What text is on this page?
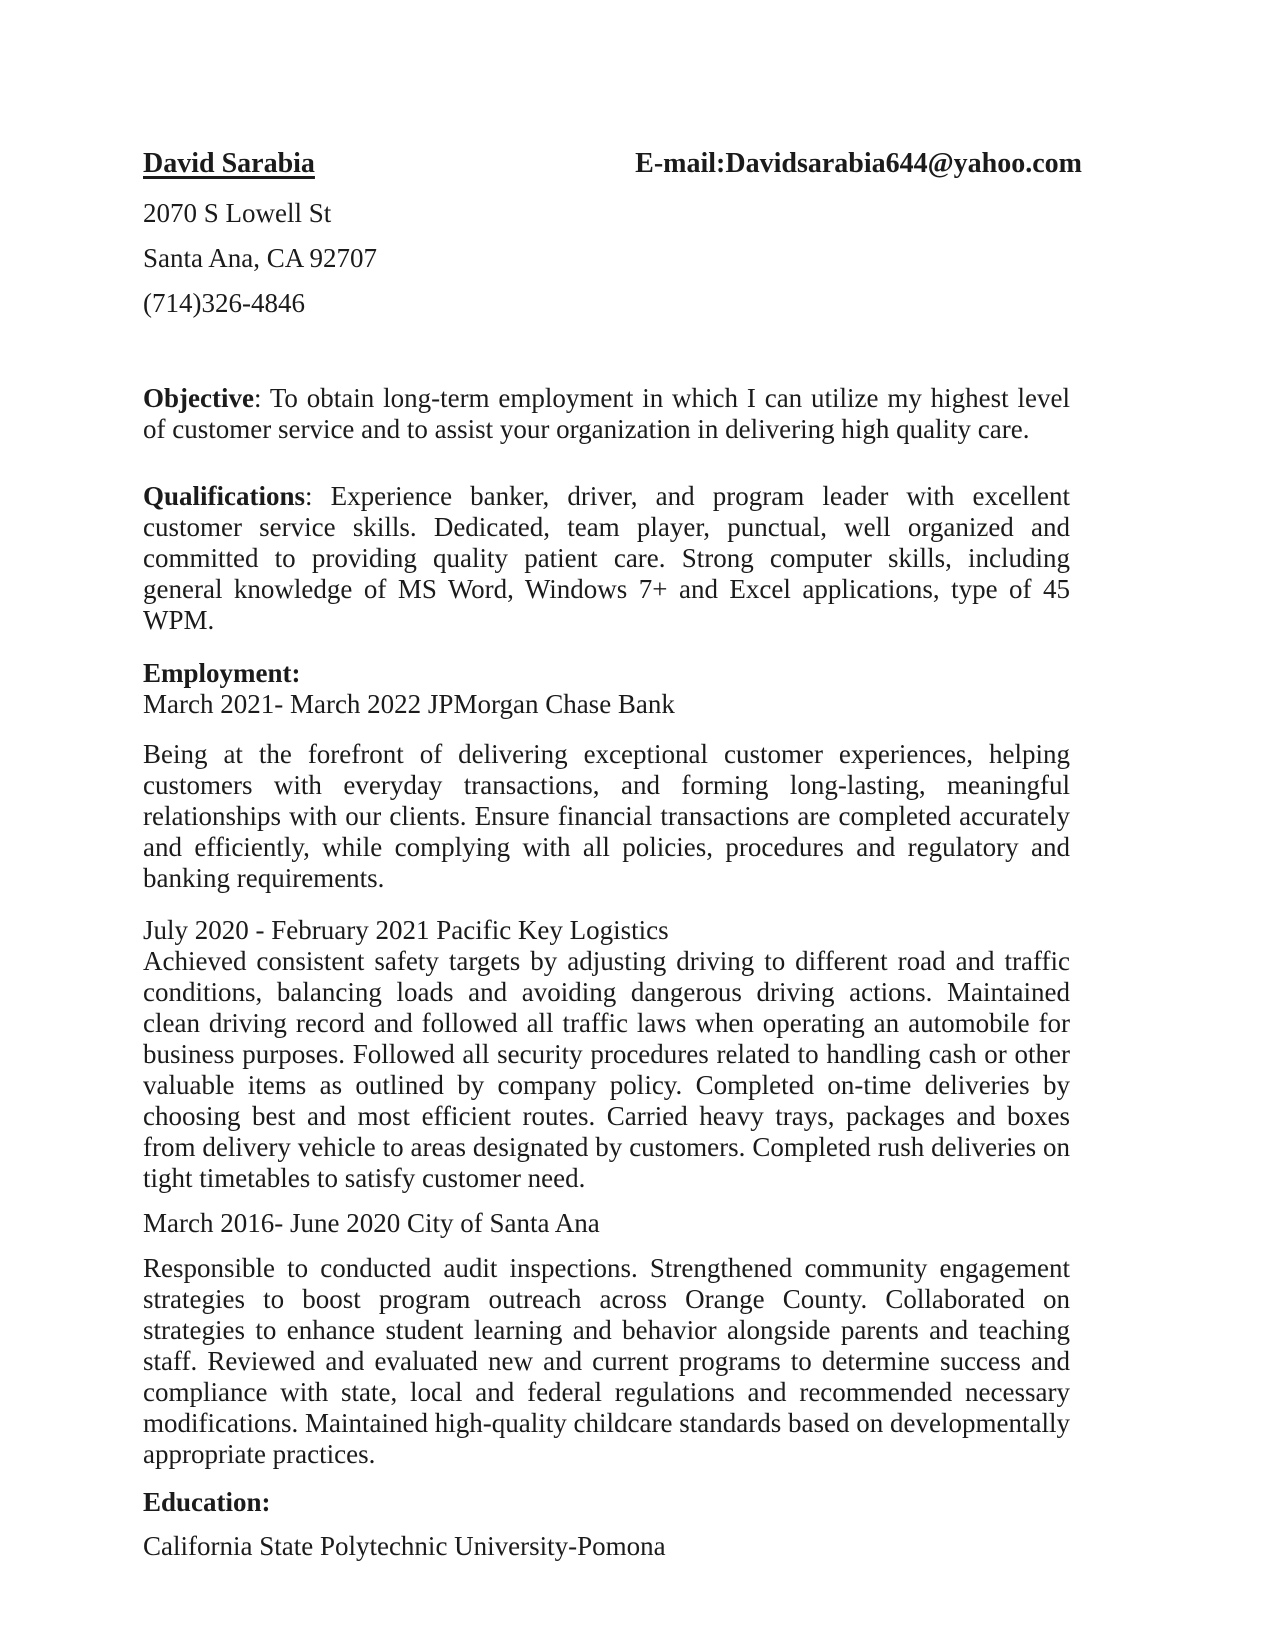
David Sarabia	E-mail:Davidsarabia644@yahoo.com

2070 S Lowell St

Santa Ana, CA 92707

(714)326-4846

Objective: To obtain long-term employment in which I can utilize my highest level of customer service and to assist your organization in delivering high quality care.

Qualifications: Experience banker, driver, and program leader with excellent customer service skills. Dedicated, team player, punctual, well organized and committed to providing quality patient care. Strong computer skills, including general knowledge of MS Word, Windows 7+ and Excel applications, type of 45 WPM.

Employment:

March 2021- March 2022 JPMorgan Chase Bank

Being at the forefront of delivering exceptional customer experiences, helping customers with everyday transactions, and forming long-lasting, meaningful relationships with our clients. Ensure financial transactions are completed accurately and efficiently, while complying with all policies, procedures and regulatory and banking requirements.

July 2020 - February 2021 Pacific Key Logistics

Achieved consistent safety targets by adjusting driving to different road and traffic conditions, balancing loads and avoiding dangerous driving actions. Maintained clean driving record and followed all traffic laws when operating an automobile for business purposes. Followed all security procedures related to handling cash or other valuable items as outlined by company policy. Completed on-time deliveries by choosing best and most efficient routes. Carried heavy trays, packages and boxes from delivery vehicle to areas designated by customers. Completed rush deliveries on tight timetables to satisfy customer need.

March 2016- June 2020 City of Santa Ana

Responsible to conducted audit inspections. Strengthened community engagement strategies to boost program outreach across Orange County. Collaborated on strategies to enhance student learning and behavior alongside parents and teaching staff. Reviewed and evaluated new and current programs to determine success and compliance with state, local and federal regulations and recommended necessary modifications. Maintained high-quality childcare standards based on developmentally appropriate practices.

Education:

California State Polytechnic University-Pomona
